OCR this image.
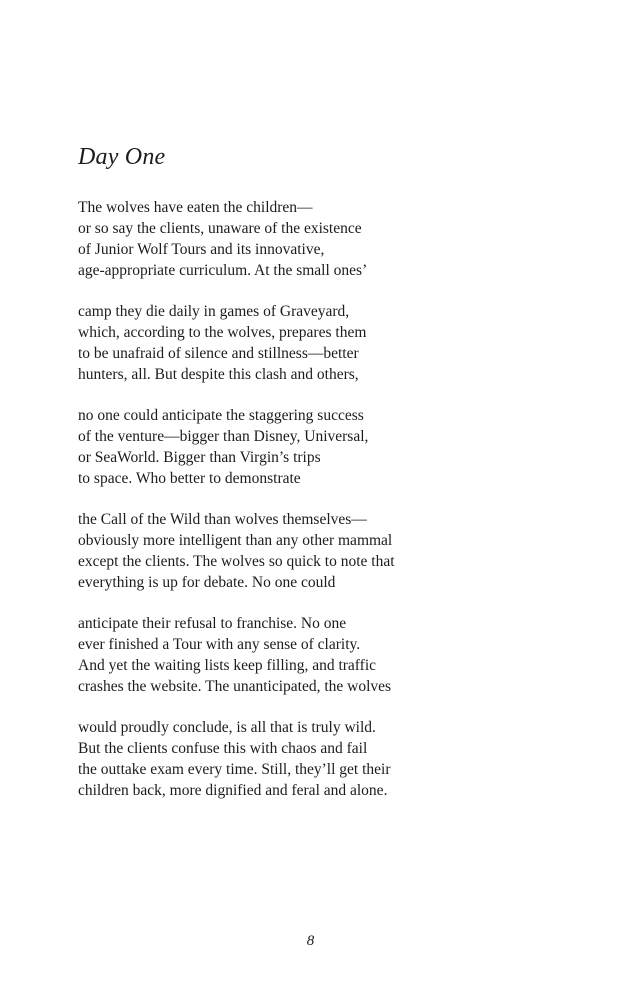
Day One
The wolves have eaten the children—
or so say the clients, unaware of the existence
of Junior Wolf Tours and its innovative,
age-appropriate curriculum. At the small ones’
camp they die daily in games of Graveyard,
which, according to the wolves, prepares them
to be unafraid of silence and stillness—better
hunters, all. But despite this clash and others,
no one could anticipate the staggering success
of the venture—bigger than Disney, Universal,
or SeaWorld. Bigger than Virgin’s trips
to space. Who better to demonstrate
the Call of the Wild than wolves themselves—
obviously more intelligent than any other mammal
except the clients. The wolves so quick to note that
everything is up for debate. No one could
anticipate their refusal to franchise. No one
ever finished a Tour with any sense of clarity.
And yet the waiting lists keep filling, and traffic
crashes the website. The unanticipated, the wolves
would proudly conclude, is all that is truly wild.
But the clients confuse this with chaos and fail
the outtake exam every time. Still, they’ll get their
children back, more dignified and feral and alone.
8
